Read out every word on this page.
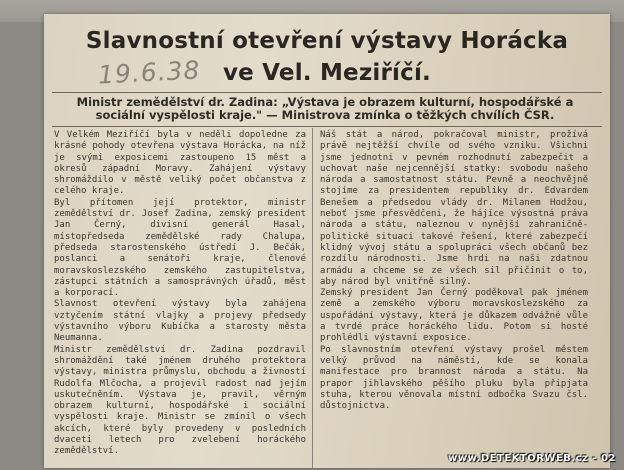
Slavnostní otevření výstavy Horácka
ve Vel. Meziříčí.
19.6.38
Ministr zemědělství dr. Zadina: „Výstava je obrazem kulturní, hospodářské a sociální vyspělosti kraje." — Ministrova zmínka o těžkých chvílích ČSR.

V Velkém Meziříčí byla v neděli dopoledne za krásné pohody otevřena výstava Horácka, na níž je svými exposicemi zastoupeno 15 měst a okresů západní Moravy. Zahájení výstavy shromáždilo v městě veliký počet občanstva z celého kraje.

Byl přítomen její protektor, ministr zemědělství dr. Josef Zadina, zemský president Jan Černý, divisní generál Hasal, místopředseda zemědělské rady Chalupa, předseda starostenského ústředí J. Bečák, poslanci a senátoři kraje, členové moravskoslezského zemského zastupitelstva, zástupci státních a samosprávných úřadů, měst a korporací.

Slavnost otevření výstavy byla zahájena vztyčením státní vlajky a projevy předsedy výstavního výboru Kubíčka a starosty města Neumanna.

Ministr zemědělství dr. Zadina pozdravil shromáždění také jménem druhého protektora výstavy, ministra průmyslu, obchodu a živností Rudolfa Mlčocha, a projevil radost nad jejím uskutečněním. Výstava je, pravil, věrným obrazem kulturní, hospodářské i sociální vyspělosti kraje. Ministr se zmínil o všech akcích, které byly provedeny v posledních dvaceti letech pro zvelebení horáckého zemědělství.

Náš stát a národ, pokračoval ministr, prožívá právě nejtěžší chvíle od svého vzniku. Všichni jsme jednotni v pevném rozhodnutí zabezpečit a uchovat naše nejcennější statky: svobodu našeho národa a samostatnost státu. Pevně a neochvějně stojíme za presidentem republiky dr. Edvardem Benešem a předsedou vlády dr. Milanem Hodžou, neboť jsme přesvědčeni, že hájíce výsostná práva národa a státu, naleznou v nynější zahraničně-politické situaci takové řešení, které zabezpečí klidný vývoj státu a spolupráci všech občanů bez rozdílu národnosti. Jsme hrdi na naši zdatnou armádu a chceme se ze všech sil přičinit o to, aby národ byl vnitřně silný.

Zemský president Jan Černý poděkoval pak jménem země a zemského výboru moravskoslezského za uspořádání výstavy, která je důkazem odvážné vůle a tvrdé práce horáckého lidu. Potom si hosté prohlédli výstavní exposice.

Po slavnostním otevření výstavy prošel městem velký průvod na náměstí, kde se konala manifestace pro brannost národa a státu. Na prapor jihlavského pěšího pluku byla připjata stuha, kterou věnovala místní odbočka Svazu čsl. důstojnictva.

www.DETEKTORWEB.cz - 02
